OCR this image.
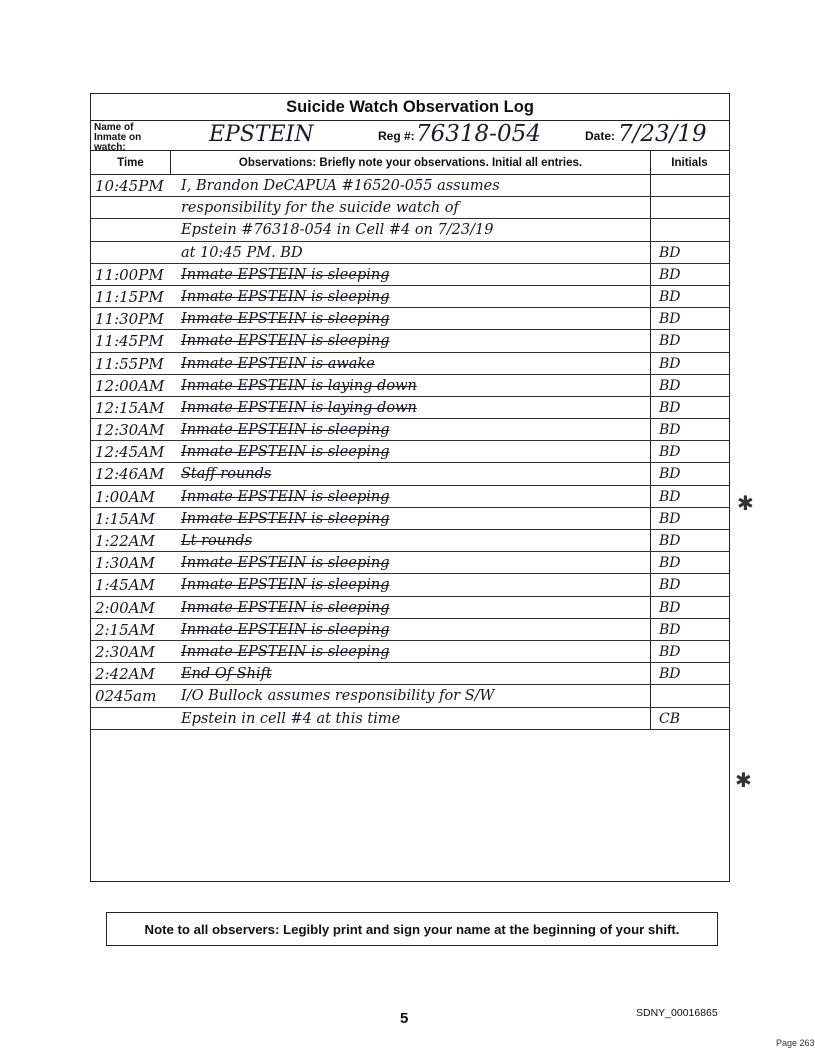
Suicide Watch Observation Log
Name of Inmate on watch:
EPSTEIN	Reg #: 76318-054	Date: 7/23/19
Time	Observations: Briefly note your observations. Initial all entries.	Initials
10:45PM	I, Brandon DeCAPUA #16520-055 assumes
responsibility for the suicide watch of
Epstein #76318-054 in Cell #4 on 7/23/19
at 10:45 PM. BD	BD
11:00PM	Inmate EPSTEIN is sleeping	BD
11:15PM	Inmate EPSTEIN is sleeping	BD
11:30PM	Inmate EPSTEIN is sleeping	BD
11:45PM	Inmate EPSTEIN is sleeping	BD
11:55PM	Inmate EPSTEIN is awake	BD
12:00AM	Inmate EPSTEIN is laying down	BD
12:15AM	Inmate EPSTEIN is laying down	BD
12:30AM	Inmate EPSTEIN is sleeping	BD
12:45AM	Inmate EPSTEIN is sleeping	BD
12:46AM	Staff rounds	BD
1:00AM	Inmate EPSTEIN is sleeping	BD
1:15AM	Inmate EPSTEIN is sleeping	BD
1:22AM	Lt rounds	BD
1:30AM	Inmate EPSTEIN is sleeping	BD
1:45AM	Inmate EPSTEIN is sleeping	BD
2:00AM	Inmate EPSTEIN is sleeping	BD
2:15AM	Inmate EPSTEIN is sleeping	BD
2:30AM	Inmate EPSTEIN is sleeping	BD
2:42AM	End Of Shift	BD
0245am	I/O Bullock assumes responsibility for S/W
Epstein in cell #4 at this time	CB
✱
✱
Note to all observers: Legibly print and sign your name at the beginning of your shift.
5	SDNY_00016865
Page 263
